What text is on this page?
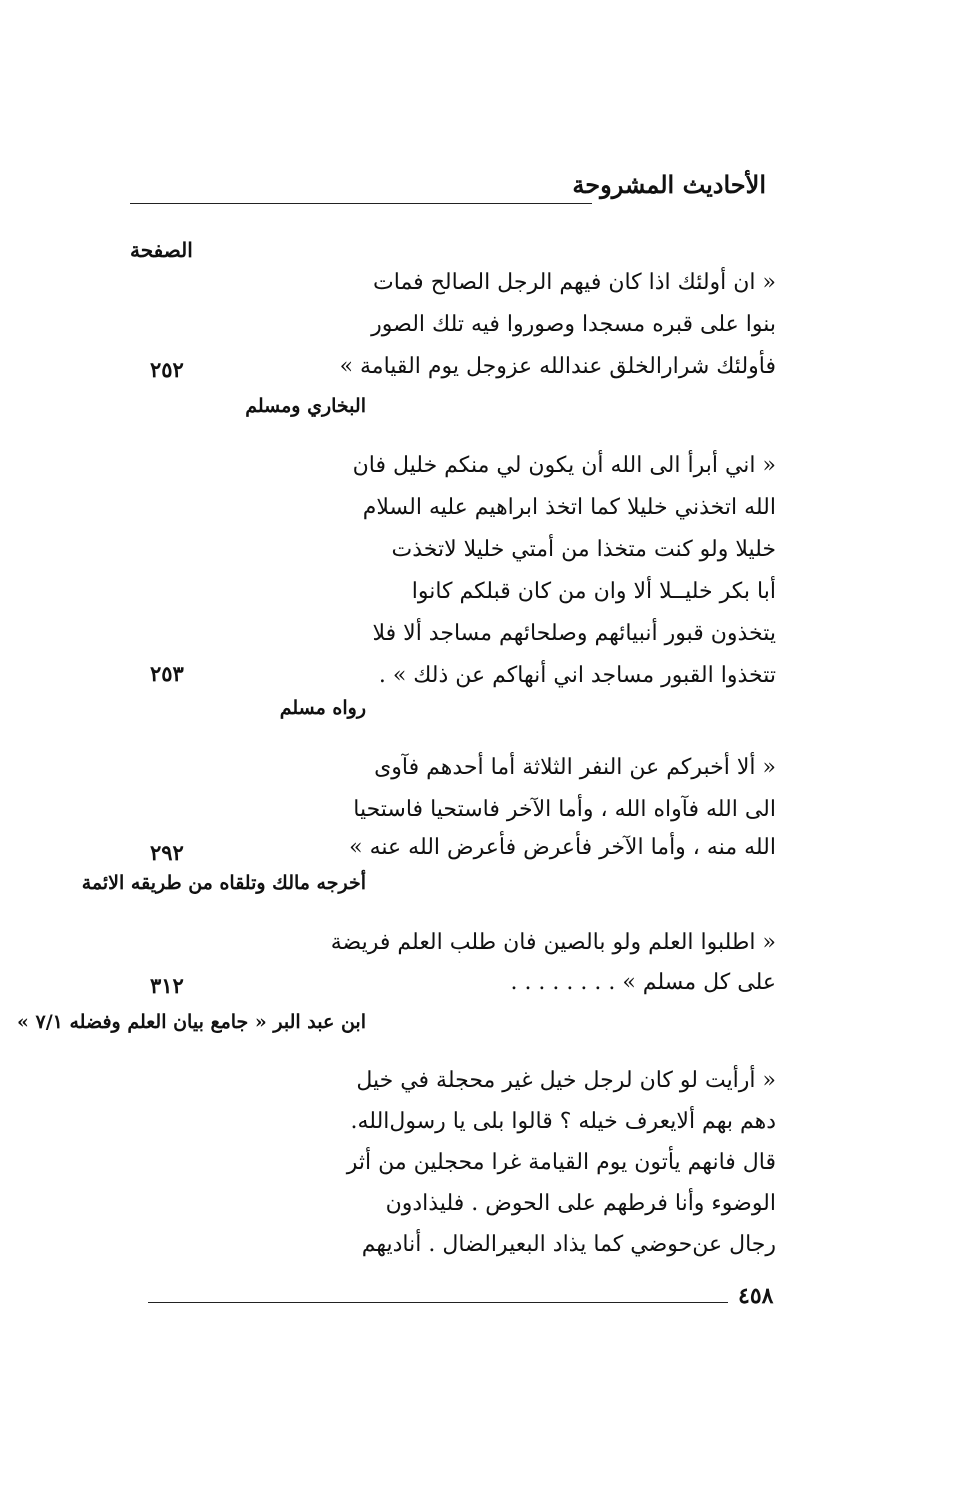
الأحاديث المشروحة
الصفحة
« ان أولئك اذا كان فيهم الرجل الصالح فمات
بنوا على قبره مسجدا وصوروا فيه تلك الصور
فأولئك شرارالخلق عندالله عزوجل يوم القيامة »
٢٥٢
البخاري ومسلم
« اني أبرأ الى الله أن يكون لي منكم خليل فان
الله اتخذني خليلا كما اتخذ ابراهيم عليه السلام
خليلا ولو كنت متخذا من أمتي خليلا لاتخذت
أبا بكر خليــلا ألا وان من كان قبلكم كانوا
يتخذون قبور أنبيائهم وصلحائهم مساجد ألا فلا
تتخذوا القبور مساجد اني أنهاكم عن ذلك » .
٢٥٣
رواه مسلم
« ألا أخبركم عن النفر الثلاثة أما أحدهم فآوى
الى الله فآواه الله ، وأما الآخر فاستحيا فاستحيا
الله منه ، وأما الآخر فأعرض فأعرض الله عنه »
٢٩٢
أخرجه مالك وتلقاه من طريقه الائمة
« اطلبوا العلم ولو بالصين فان طلب العلم فريضة
على كل مسلم » . . . . . . . .
٣١٢
ابن عبد البر « جامع بيان العلم وفضله ٧/١ »
« أرأيت لو كان لرجل خيل غير محجلة في خيل
دهم بهم ألايعرف خيله ؟ قالوا بلى يا رسول‌الله.
قال فانهم يأتون يوم القيامة غرا محجلين من أثر
الوضوء وأنا فرطهم على الحوض . فليذادون
رجال عن‌حوضي كما يذاد البعيرالضال . أناديهم
٤٥٨
